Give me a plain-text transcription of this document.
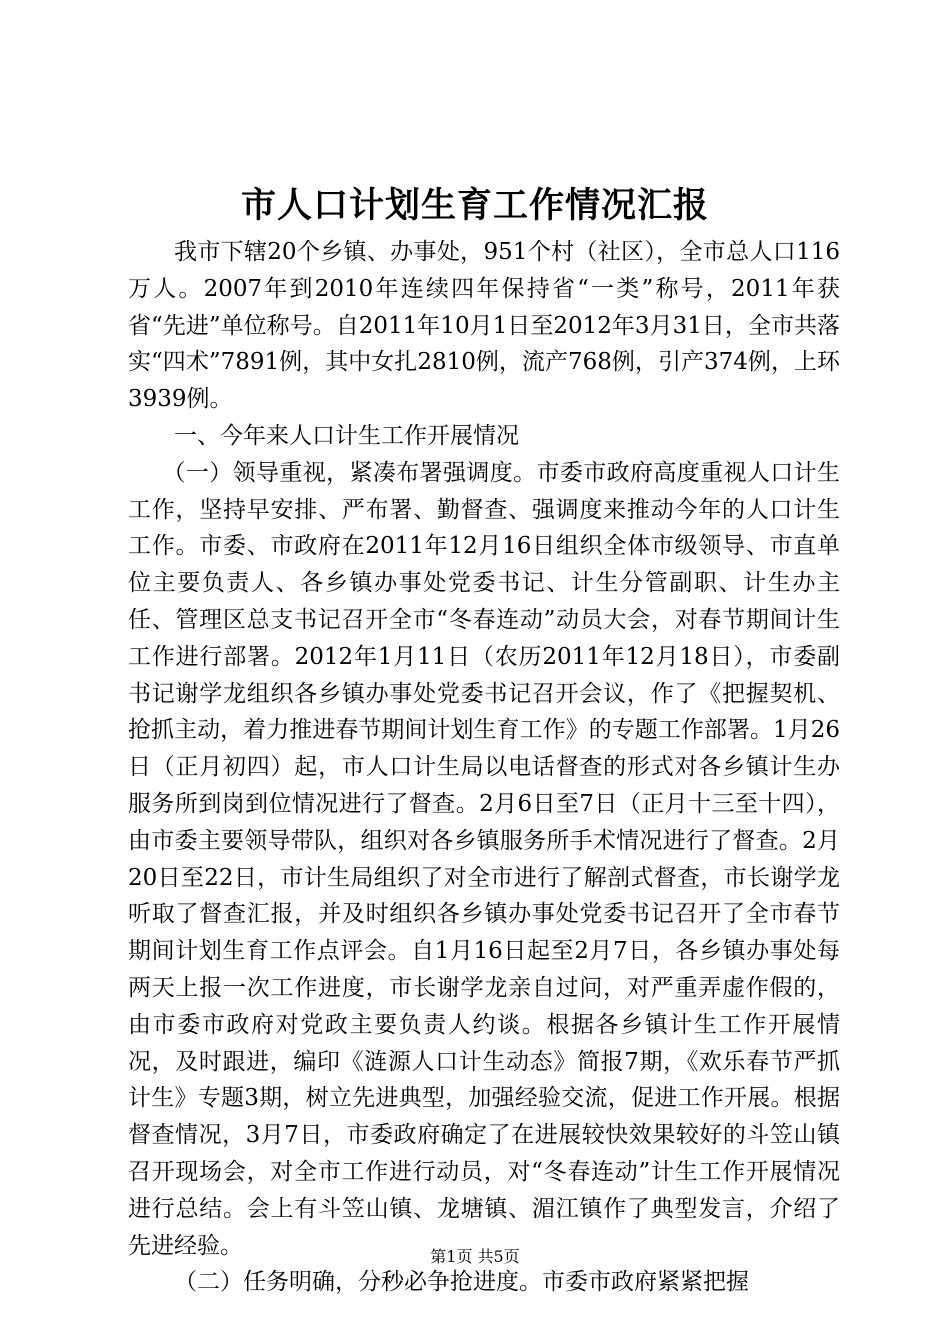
市人口计划生育工作情况汇报

我市下辖20个乡镇、办事处，951个村（社区），全市总人口116万人。2007年到2010年连续四年保持省“一类”称号，2011年获省“先进”单位称号。自2011年10月1日至2012年3月31日，全市共落实“四术”7891例，其中女扎2810例，流产768例，引产374例，上环3939例。

一、今年来人口计生工作开展情况

（一）领导重视，紧凑布署强调度。市委市政府高度重视人口计生工作，坚持早安排、严布署、勤督查、强调度来推动今年的人口计生工作。市委、市政府在2011年12月16日组织全体市级领导、市直单位主要负责人、各乡镇办事处党委书记、计生分管副职、计生办主任、管理区总支书记召开全市“冬春连动”动员大会，对春节期间计生工作进行部署。2012年1月11日（农历2011年12月18日），市委副书记谢学龙组织各乡镇办事处党委书记召开会议，作了《把握契机、抢抓主动，着力推进春节期间计划生育工作》的专题工作部署。1月26日（正月初四）起，市人口计生局以电话督查的形式对各乡镇计生办服务所到岗到位情况进行了督查。2月6日至7日（正月十三至十四），由市委主要领导带队，组织对各乡镇服务所手术情况进行了督查。2月20日至22日，市计生局组织了对全市进行了解剖式督查，市长谢学龙听取了督查汇报，并及时组织各乡镇办事处党委书记召开了全市春节期间计划生育工作点评会。自1月16日起至2月7日，各乡镇办事处每两天上报一次工作进度，市长谢学龙亲自过问，对严重弄虚作假的，由市委市政府对党政主要负责人约谈。根据各乡镇计生工作开展情况，及时跟进，编印《涟源人口计生动态》简报7期，《欢乐春节严抓计生》专题3期，树立先进典型，加强经验交流，促进工作开展。根据督查情况，3月7日，市委政府确定了在进展较快效果较好的斗笠山镇召开现场会，对全市工作进行动员，对“冬春连动”计生工作开展情况进行总结。会上有斗笠山镇、龙塘镇、湄江镇作了典型发言，介绍了先进经验。

（二）任务明确，分秒必争抢进度。市委市政府紧紧把握

第1页 共5页
